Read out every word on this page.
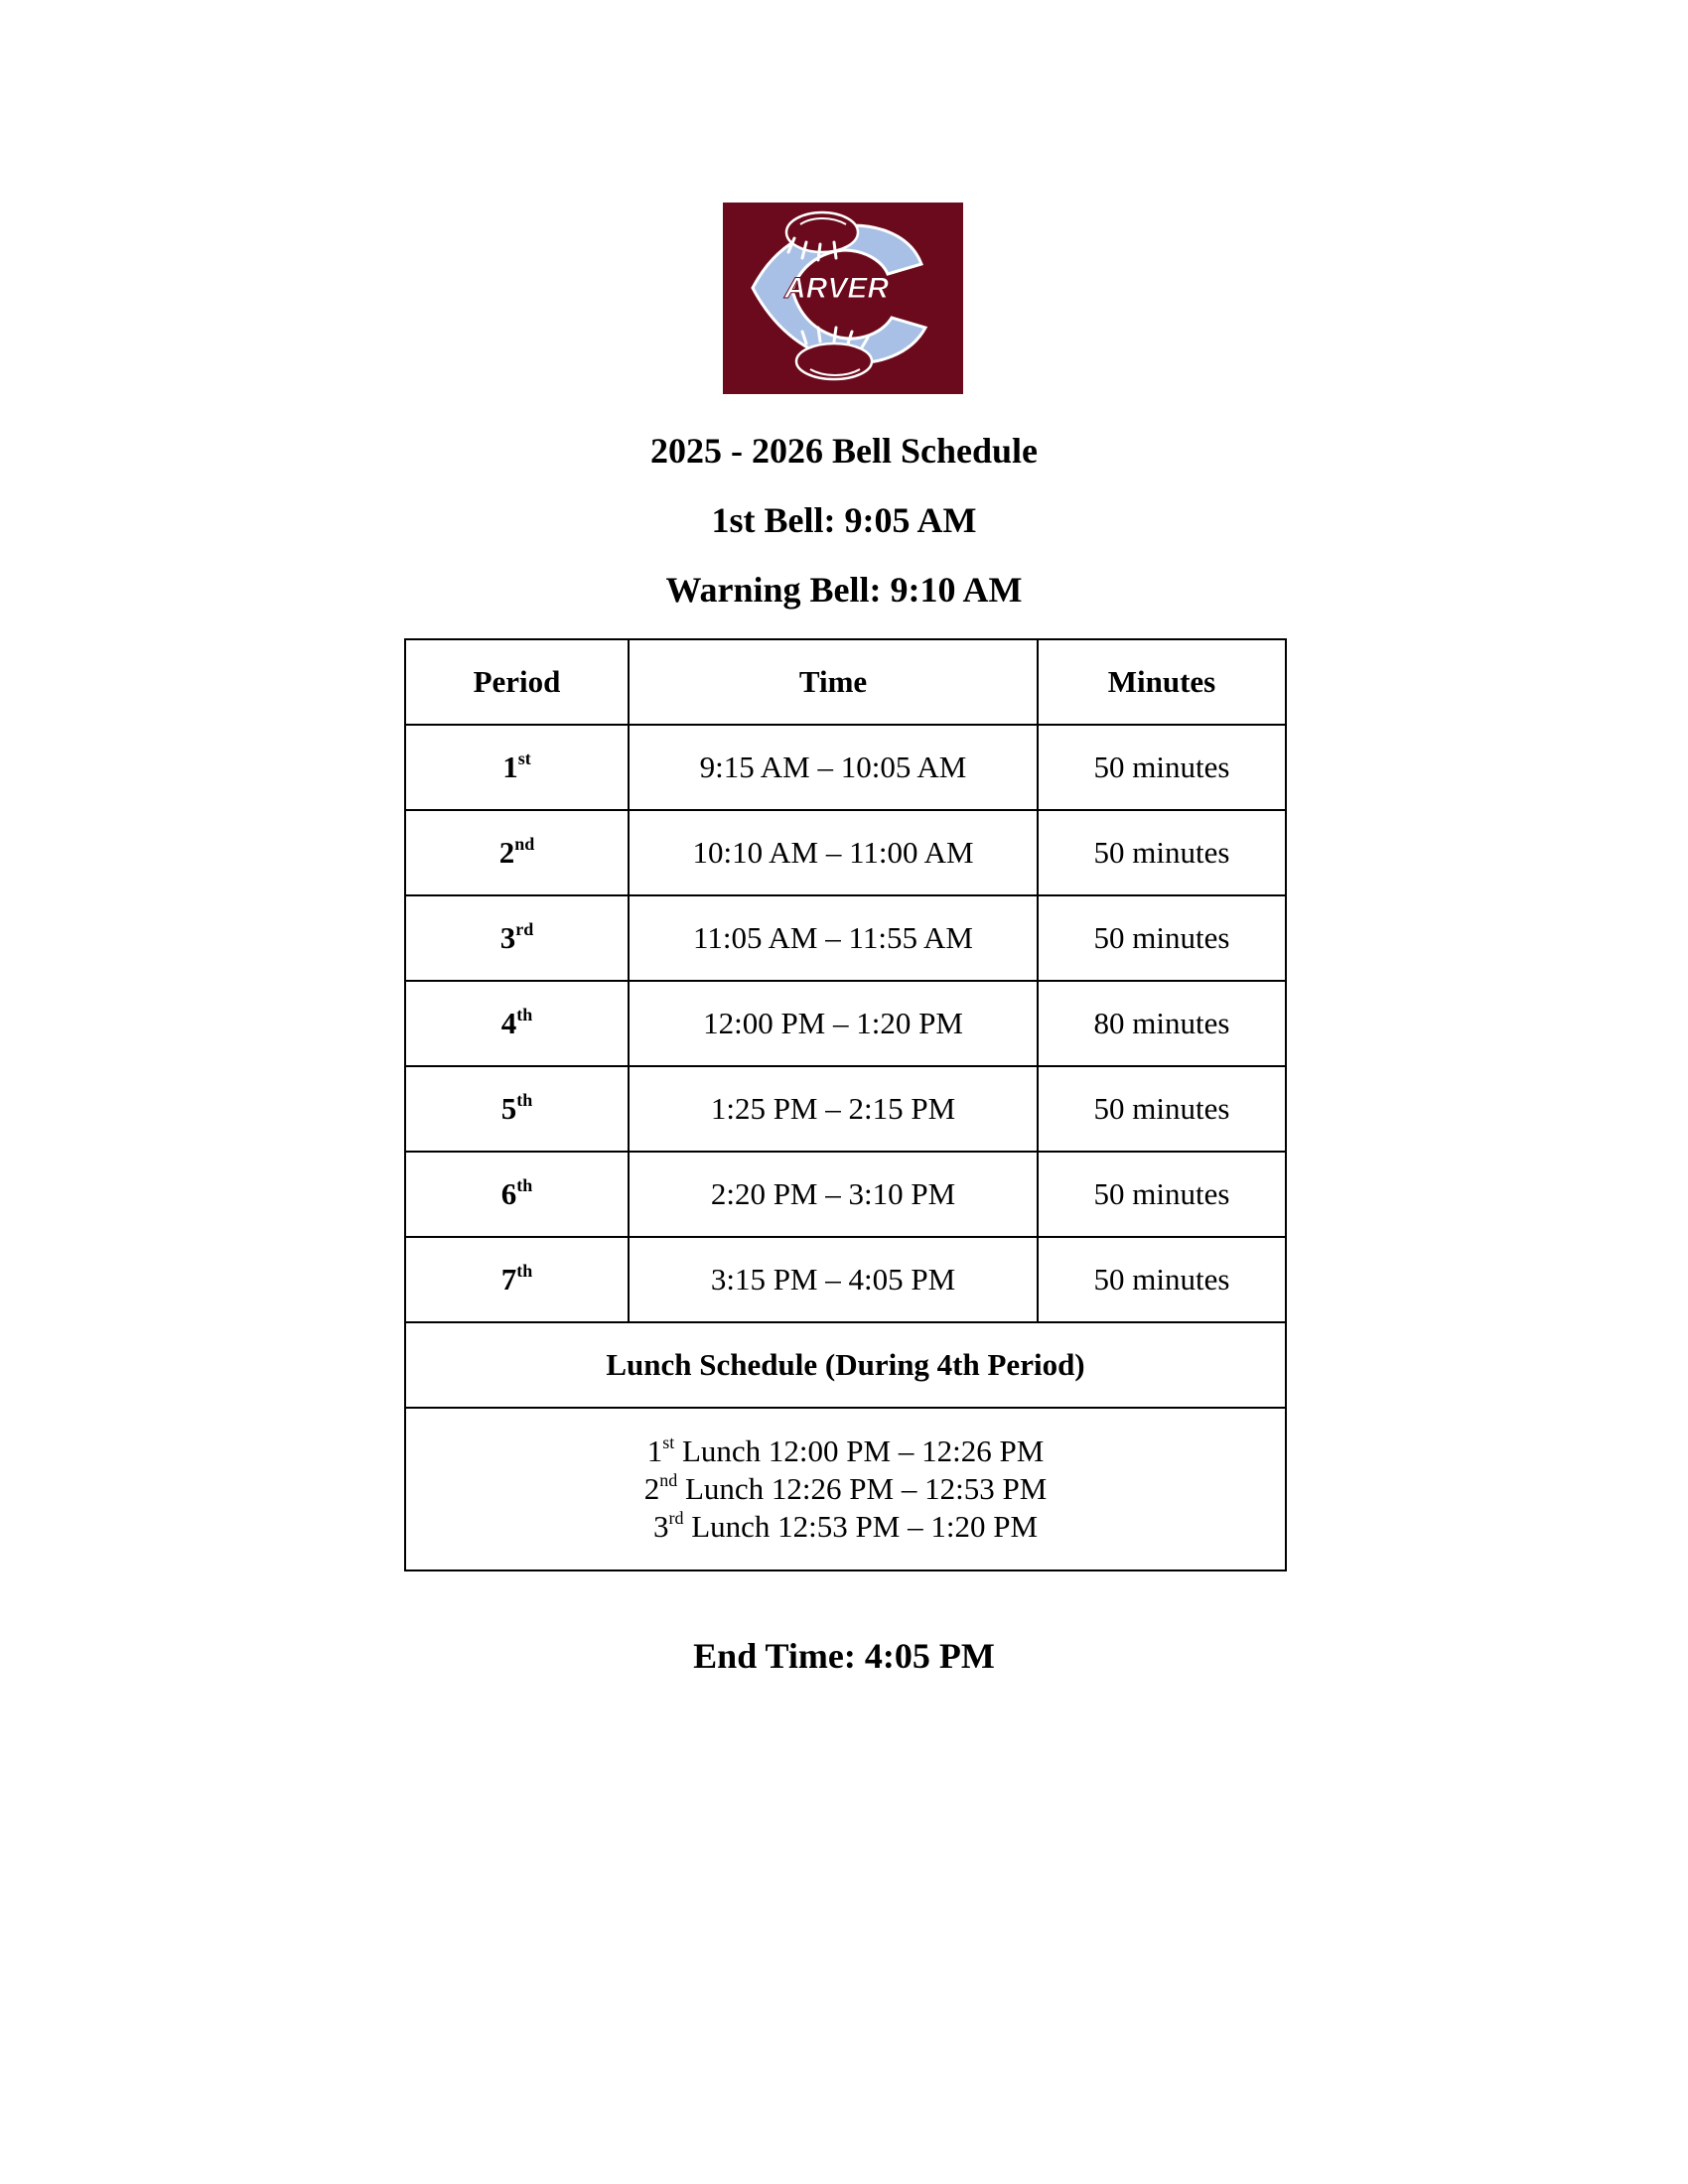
ARVER
2025 - 2026 Bell Schedule
1st Bell: 9:05 AM
Warning Bell: 9:10 AM
Period	Time	Minutes
1st	9:15 AM – 10:05 AM	50 minutes
2nd	10:10 AM – 11:00 AM	50 minutes
3rd	11:05 AM – 11:55 AM	50 minutes
4th	12:00 PM – 1:20 PM	80 minutes
5th	1:25 PM – 2:15 PM	50 minutes
6th	2:20 PM – 3:10 PM	50 minutes
7th	3:15 PM – 4:05 PM	50 minutes
Lunch Schedule (During 4th Period)		

1st Lunch 12:00 PM – 12:26 PM
2nd Lunch 12:26 PM – 12:53 PM
3rd Lunch 12:53 PM – 1:20 PM		
End Time: 4:05 PM
